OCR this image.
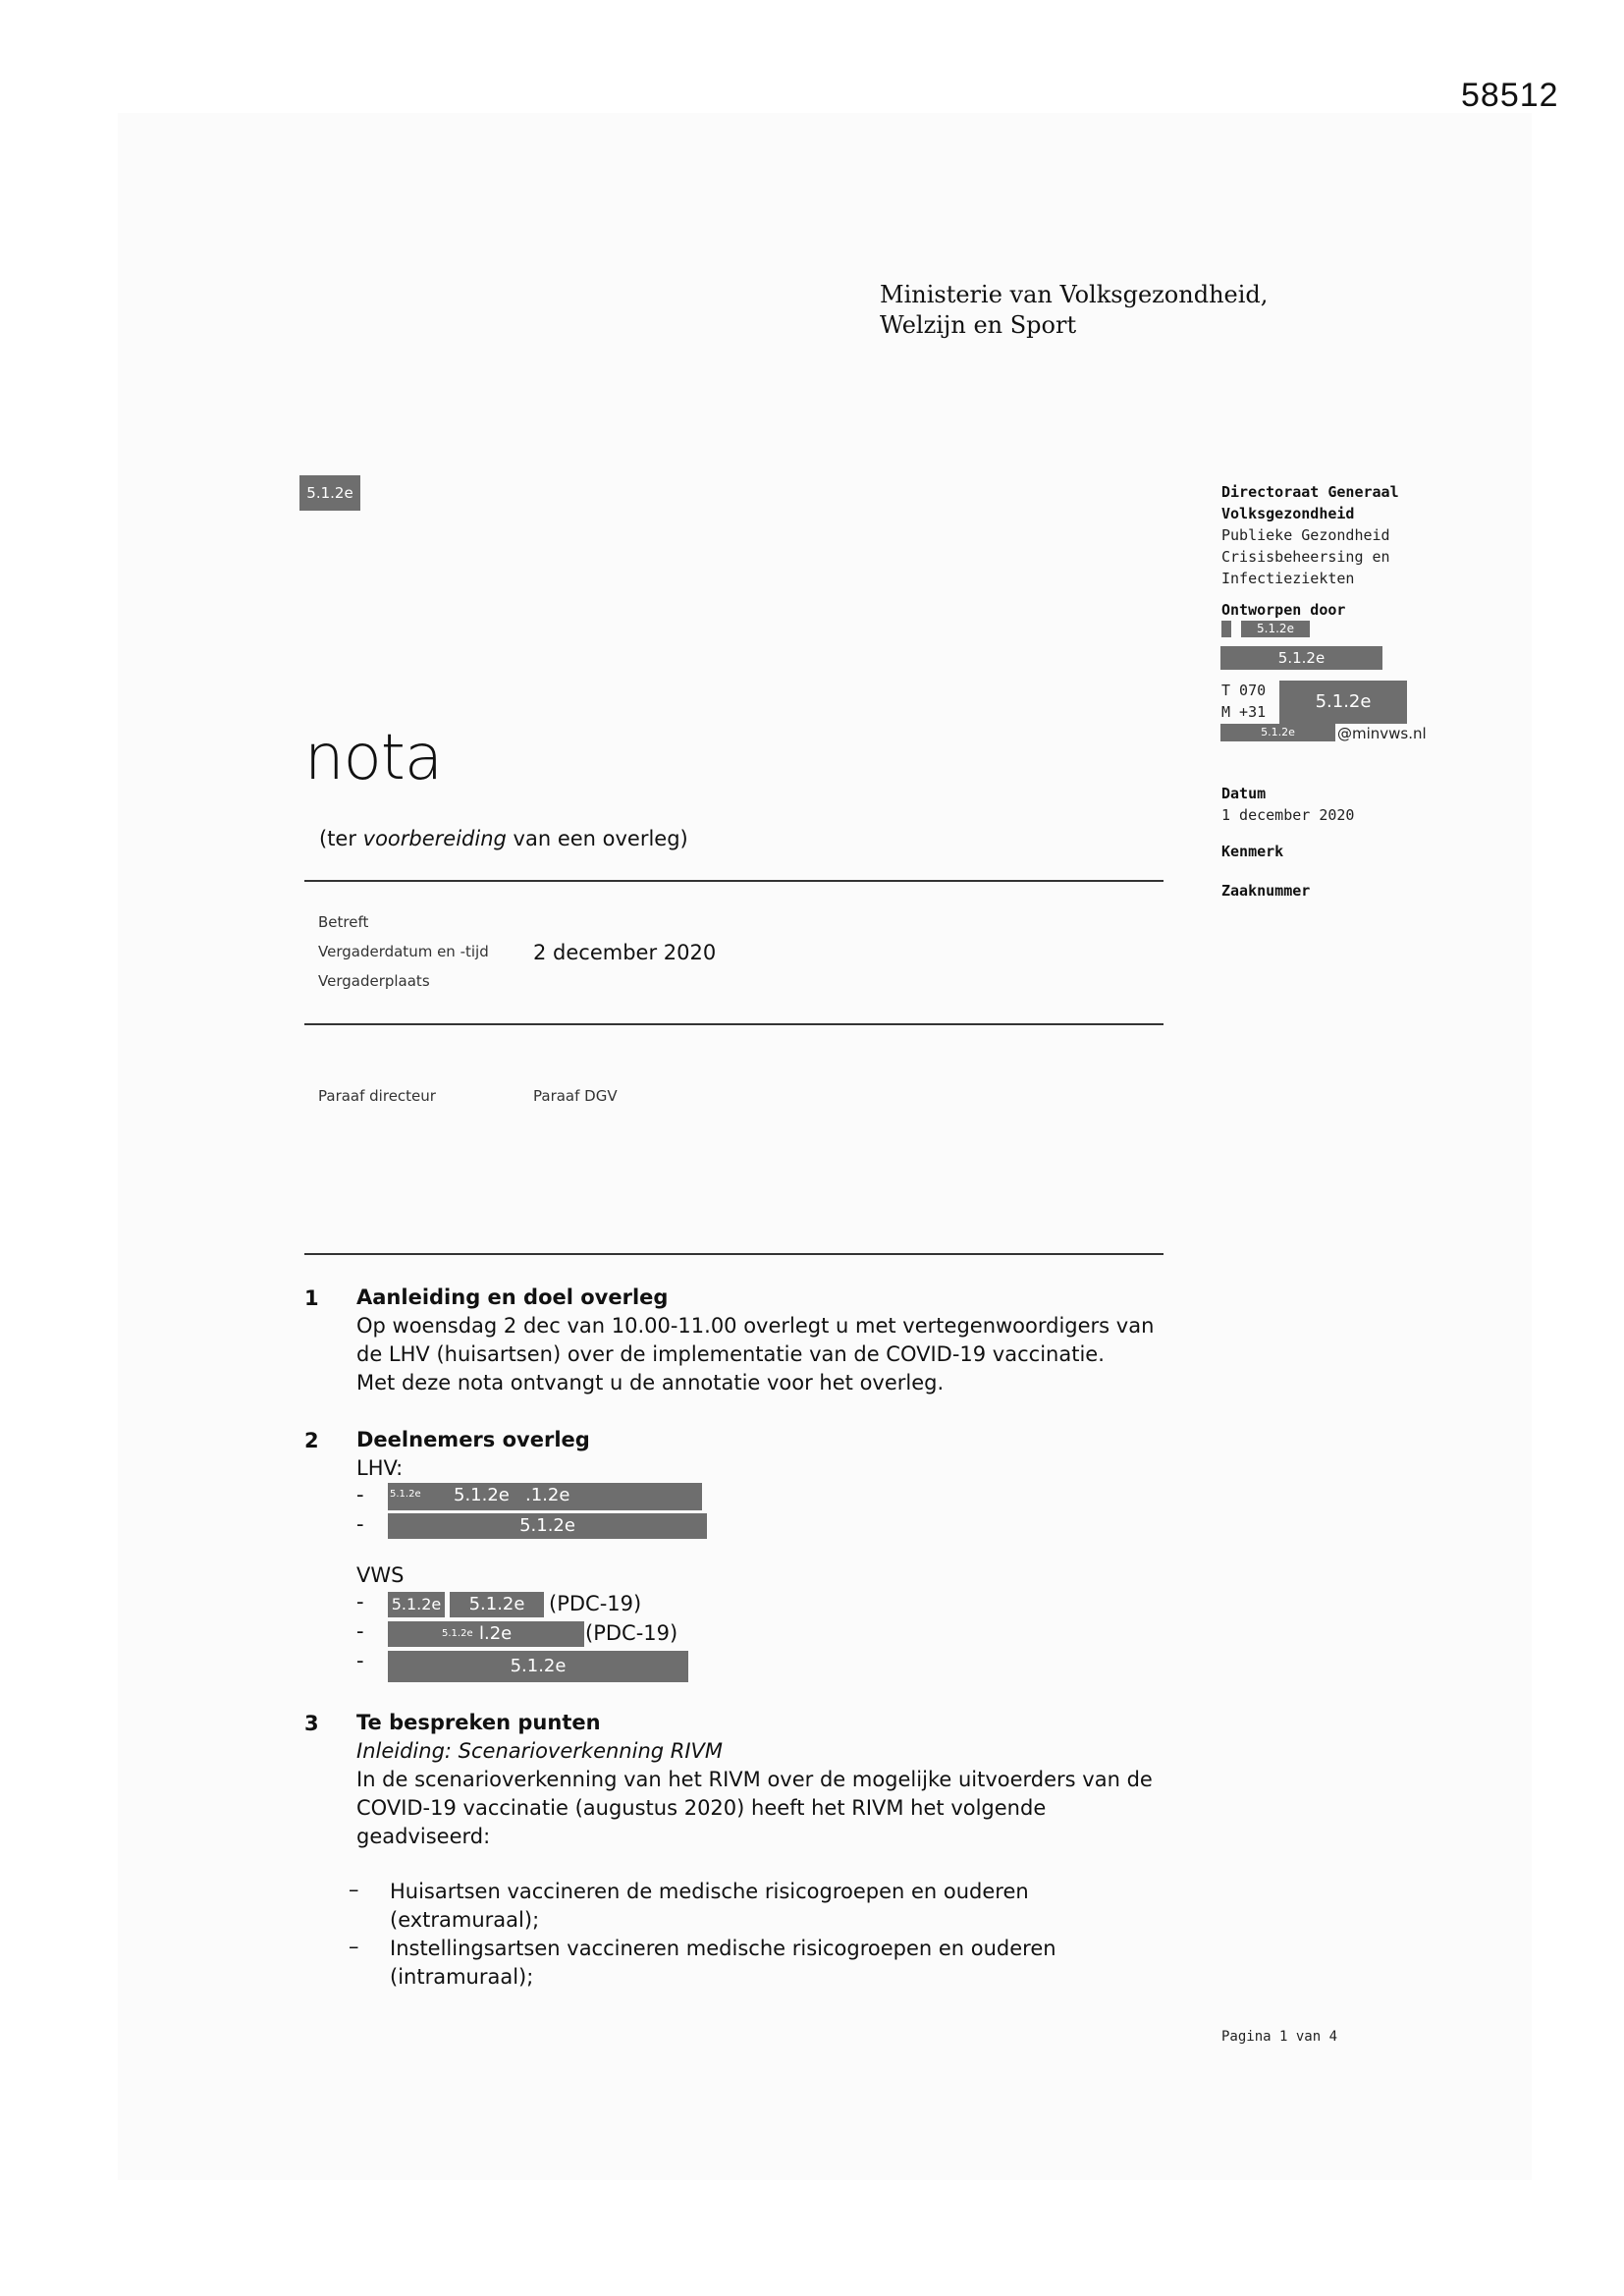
58512
Ministerie van Volksgezondheid,
Welzijn en Sport
5.1.2e	Directoraat Generaal
Volksgezondheid
Publieke Gezondheid
Crisisbeheersing en
Infectieziekten
Ontworpen door
5.1.2e
5.1.2e
T 070
M +31	5.1.2e
5.1.2e	@minvws.nl
Datum
1 december 2020
Kenmerk
Zaaknummer
nota
(ter voorbereiding van een overleg)
Betreft
Vergaderdatum en -tijd 2 december 2020
Vergaderplaats
Paraaf directeur	Paraaf DGV
1 Aanleiding en doel overleg
Op woensdag 2 dec van 10.00-11.00 overlegt u met vertegenwoordigers van
de LHV (huisartsen) over de implementatie van de COVID-19 vaccinatie.
Met deze nota ontvangt u de annotatie voor het overleg.
2 Deelnemers overleg
LHV:
-	5.1.2e 5.1.2e .1.2e
-	5.1.2e
VWS
- 5.1.2e	5.1.2e	(PDC-19)
-	5.1.2e l.2e	(PDC-19)
-	5.1.2e
3 Te bespreken punten
Inleiding: Scenarioverkenning RIVM
In de scenarioverkenning van het RIVM over de mogelijke uitvoerders van de
COVID-19 vaccinatie (augustus 2020) heeft het RIVM het volgende
geadviseerd:
– Huisartsen vaccineren de medische risicogroepen en ouderen
(extramuraal);
– Instellingsartsen vaccineren medische risicogroepen en ouderen
(intramuraal);
Pagina 1 van 4
